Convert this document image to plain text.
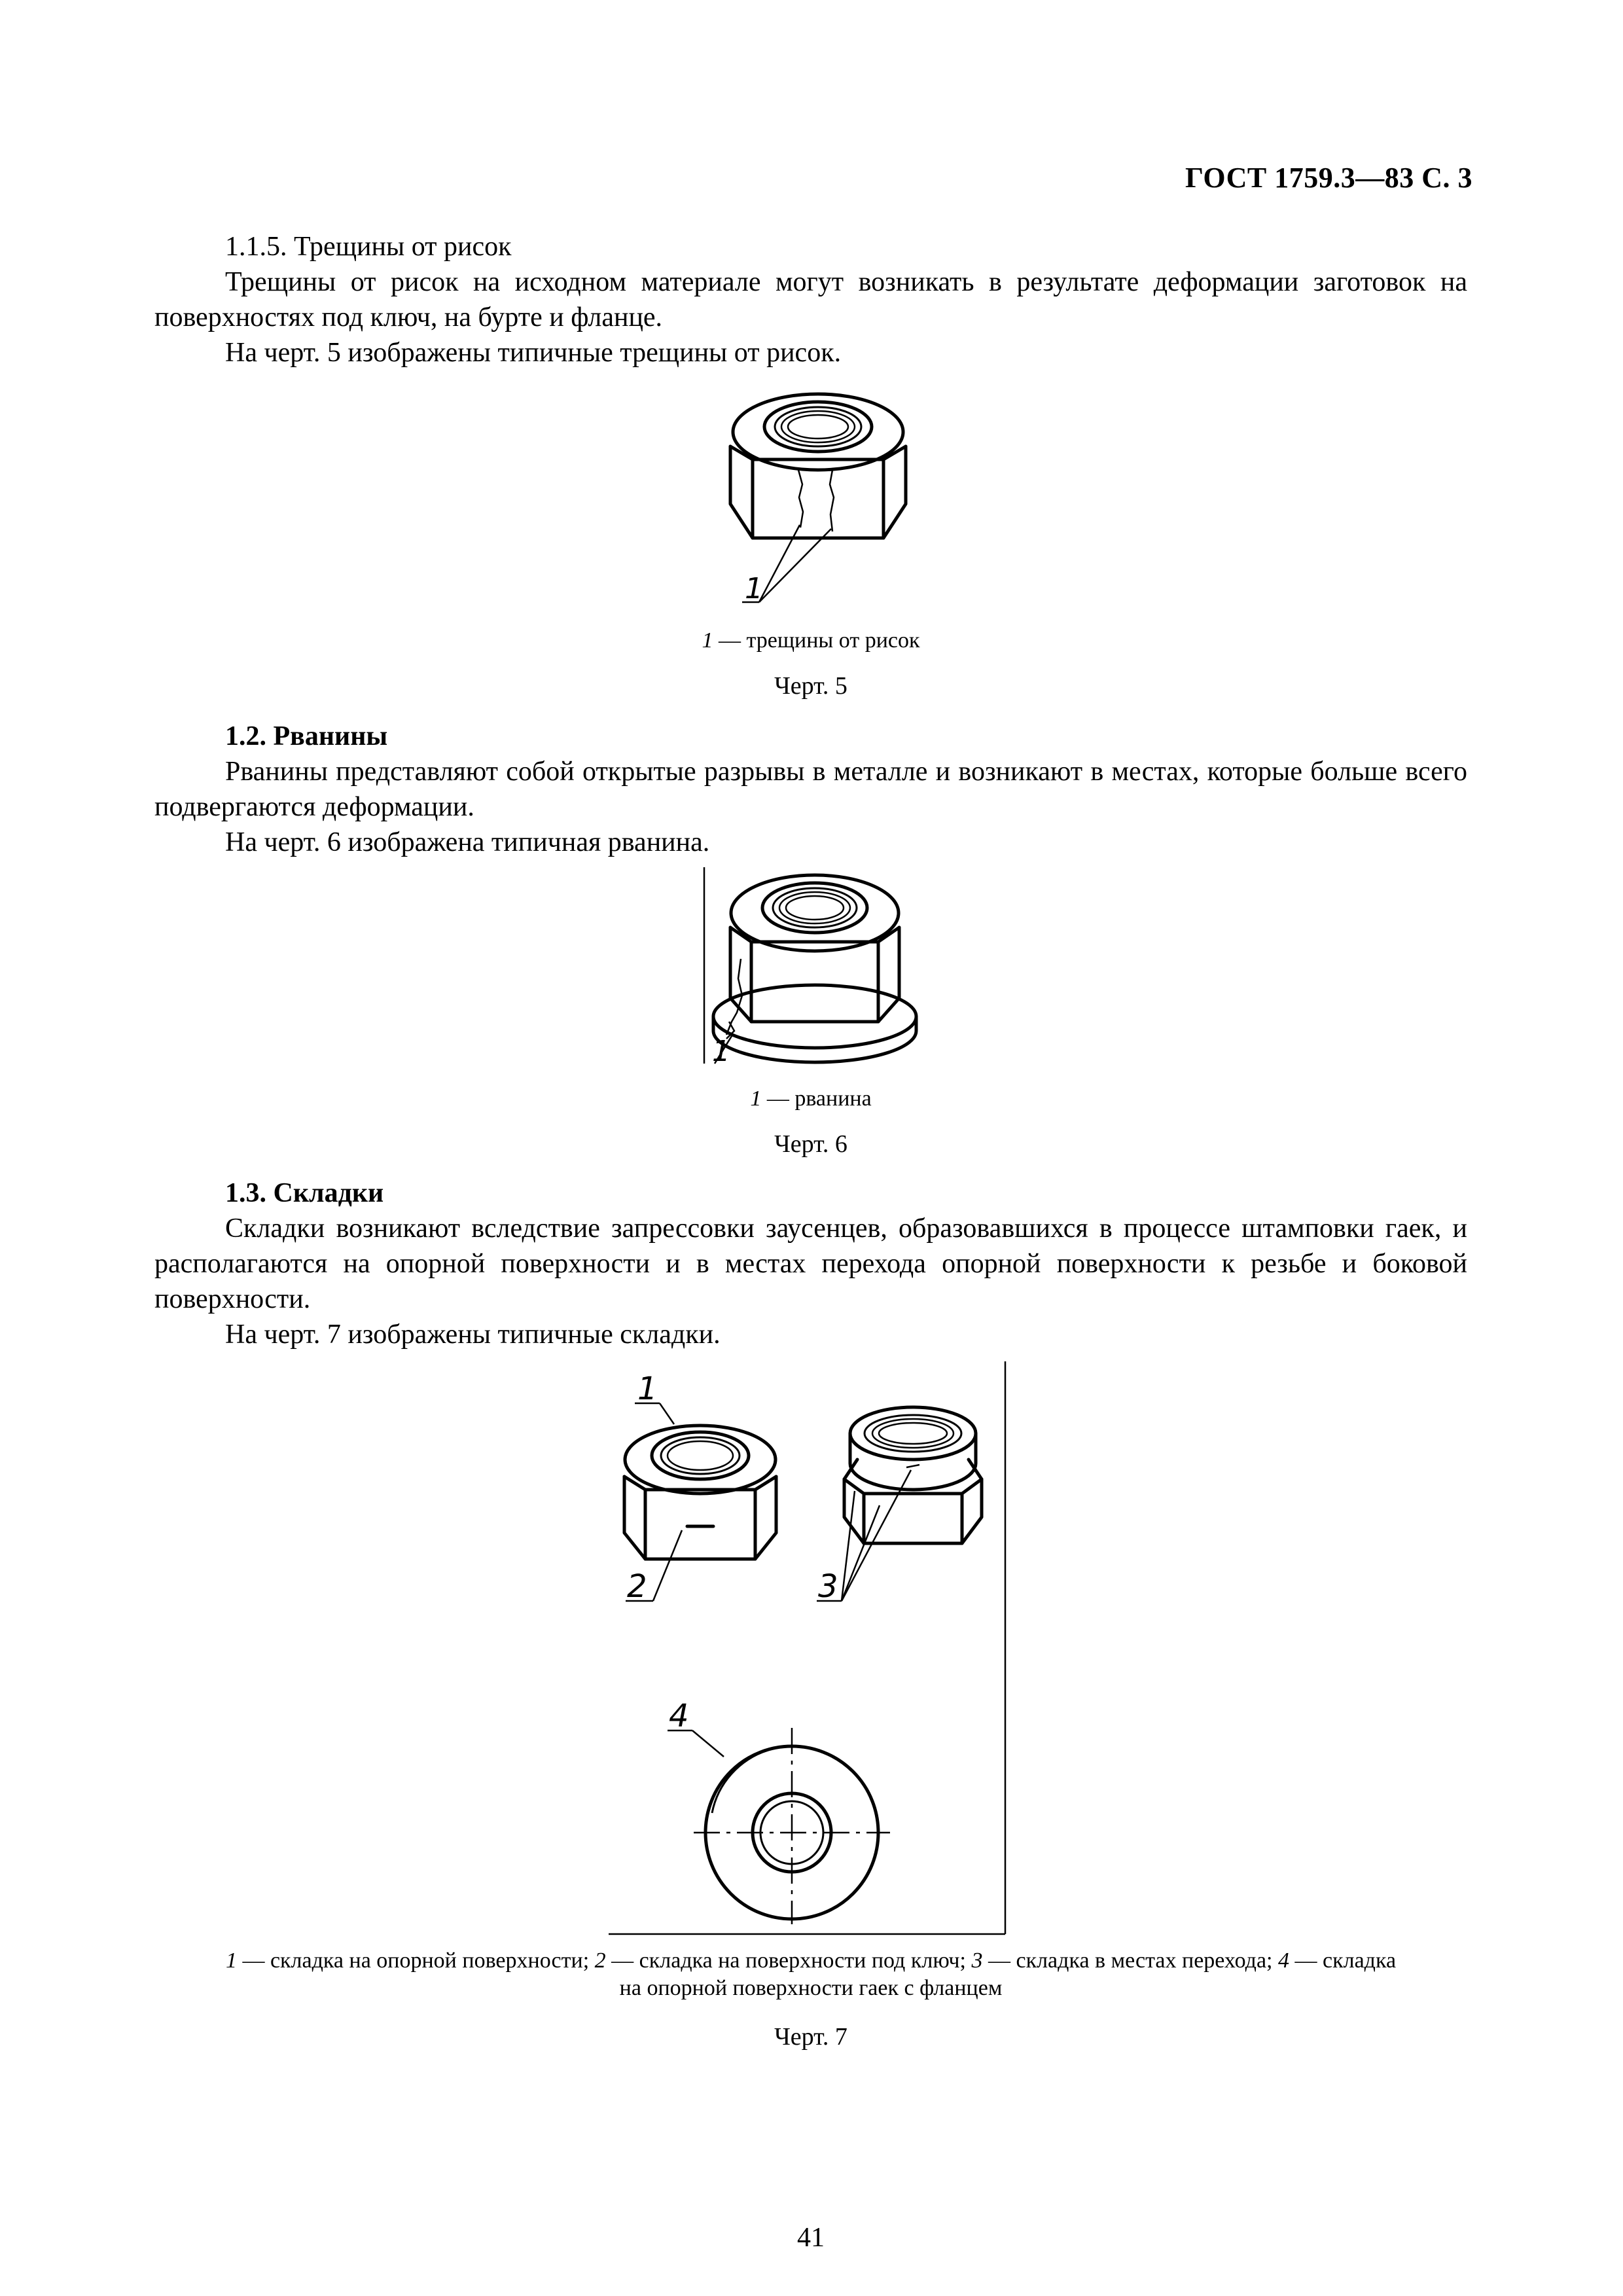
ГОСТ 1759.3—83 С. 3

1.1.5. Трещины от рисок

Трещины от рисок на исходном материале могут возникать в результате деформации заготовок на поверхностях под ключ, на бурте и фланце.

На черт. 5 изображены типичные трещины от рисок.

1
1 — трещины от рисок
Черт. 5

1.2. Рванины

Рванины представляют собой открытые разрывы в металле и возникают в местах, которые больше всего подвергаются деформации.

На черт. 6 изображена типичная рванина.

1
1 — рванина
Черт. 6

1.3. Складки

Складки возникают вследствие запрессовки заусенцев, образовавшихся в процессе штамповки гаек, и располагаются на опорной поверхности и в местах перехода опорной поверхности к резьбе и боковой поверхности.

На черт. 7 изображены типичные складки.

1
2	3
4
1 — складка на опорной поверхности; 2 — складка на поверхности под ключ; 3 — складка в местах перехода; 4 — складка
на опорной поверхности гаек с фланцем
Черт. 7
41
